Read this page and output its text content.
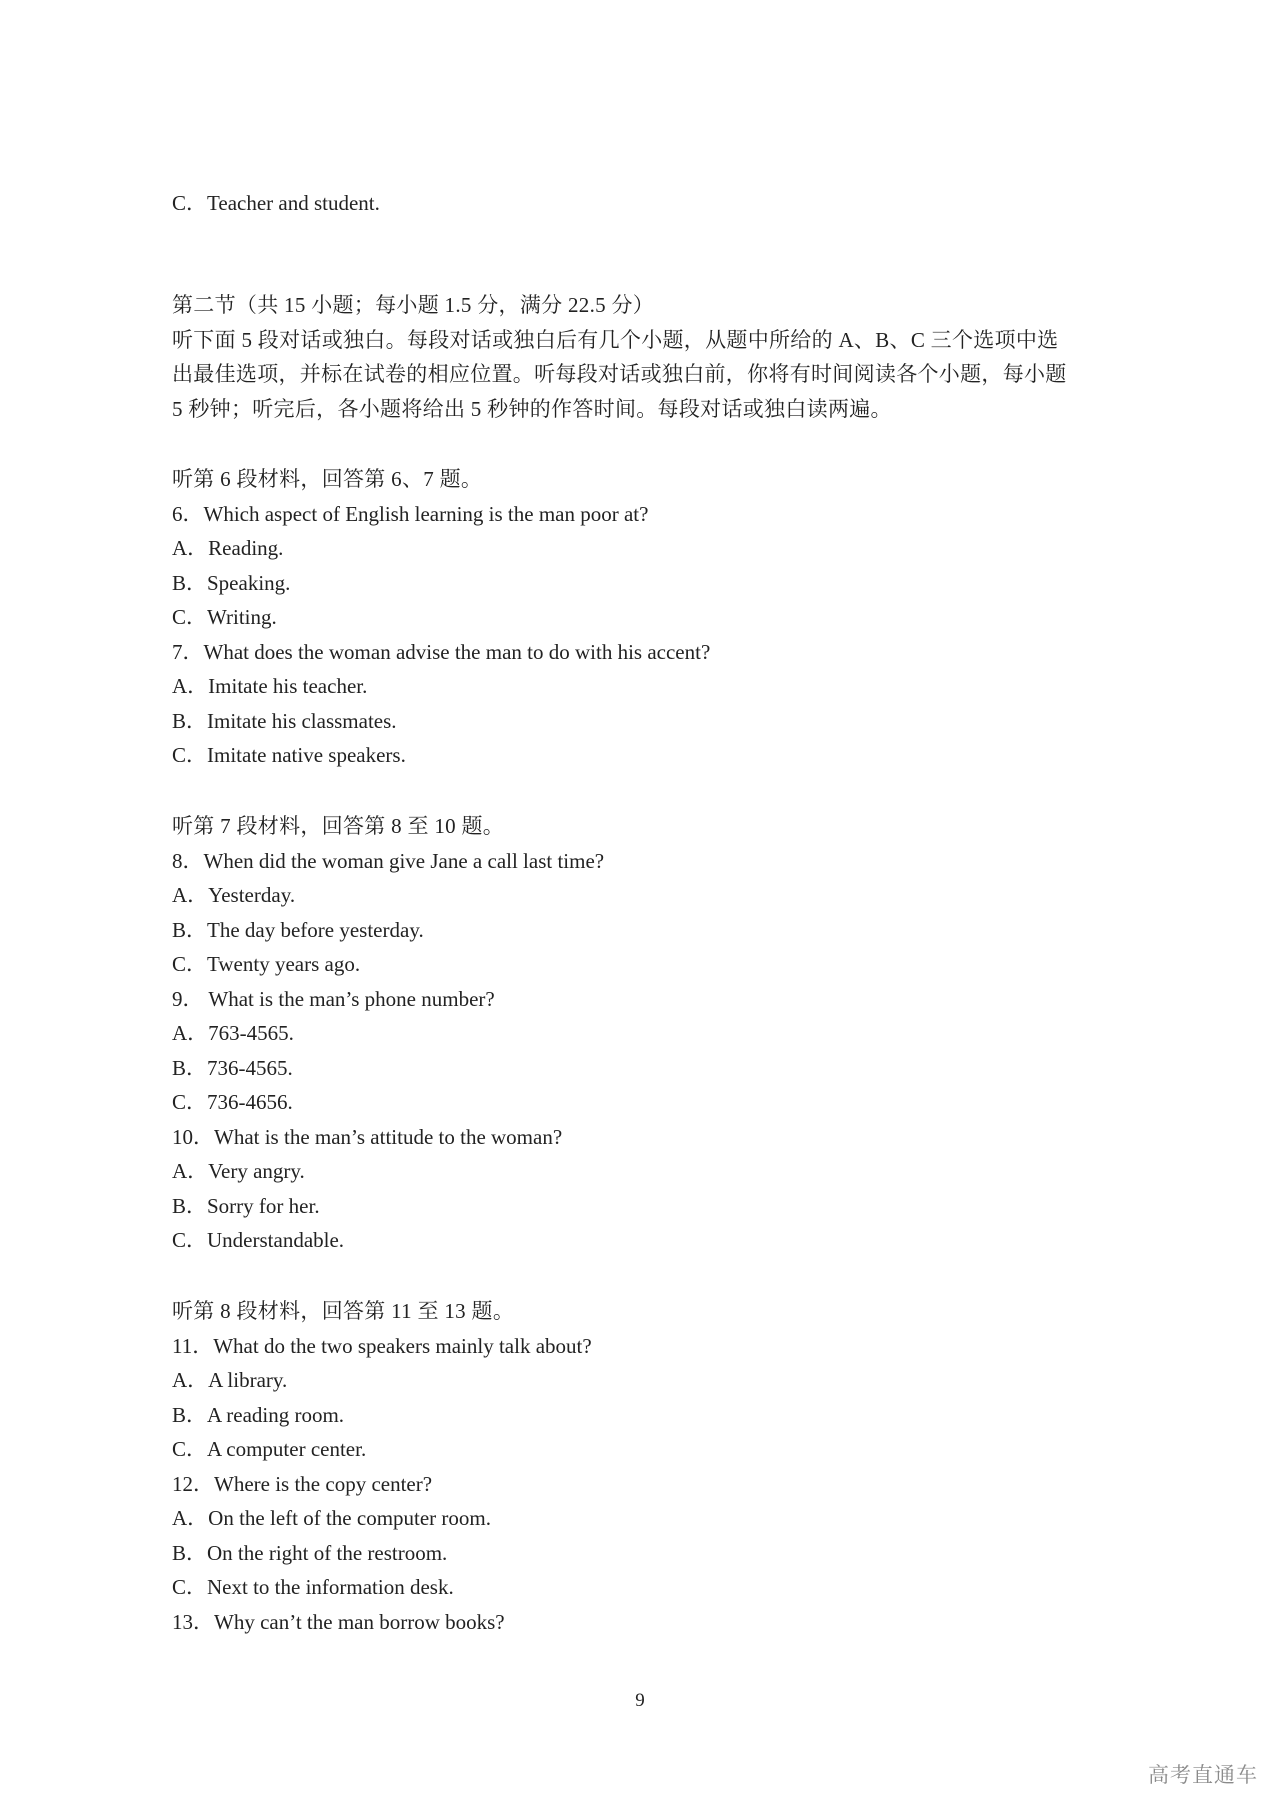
C．Teacher and student.
第二节（共 15 小题；每小题 1.5 分，满分 22.5 分）
听下面 5 段对话或独白。每段对话或独白后有几个小题，从题中所给的 A、B、C 三个选项中选
出最佳选项，并标在试卷的相应位置。听每段对话或独白前，你将有时间阅读各个小题，每小题
5 秒钟；听完后，各小题将给出 5 秒钟的作答时间。每段对话或独白读两遍。
听第 6 段材料，回答第 6、7 题。
6．Which aspect of English learning is the man poor at?
A．Reading.
B．Speaking.
C．Writing.
7．What does the woman advise the man to do with his accent?
A．Imitate his teacher.
B．Imitate his classmates.
C．Imitate native speakers.
听第 7 段材料，回答第 8 至 10 题。
8．When did the woman give Jane a call last time?
A．Yesterday.
B．The day before yesterday.
C．Twenty years ago.
9． What is the man’s phone number?
A．763-4565.
B．736-4565.
C．736-4656.
10．What is the man’s attitude to the woman?
A．Very angry.
B．Sorry for her.
C．Understandable.
听第 8 段材料，回答第 11 至 13 题。
11．What do the two speakers mainly talk about?
A．A library.
B．A reading room.
C．A computer center.
12．Where is the copy center?
A．On the left of the computer room.
B．On the right of the restroom.
C．Next to the information desk.
13．Why can’t the man borrow books?
9
高考直通车
